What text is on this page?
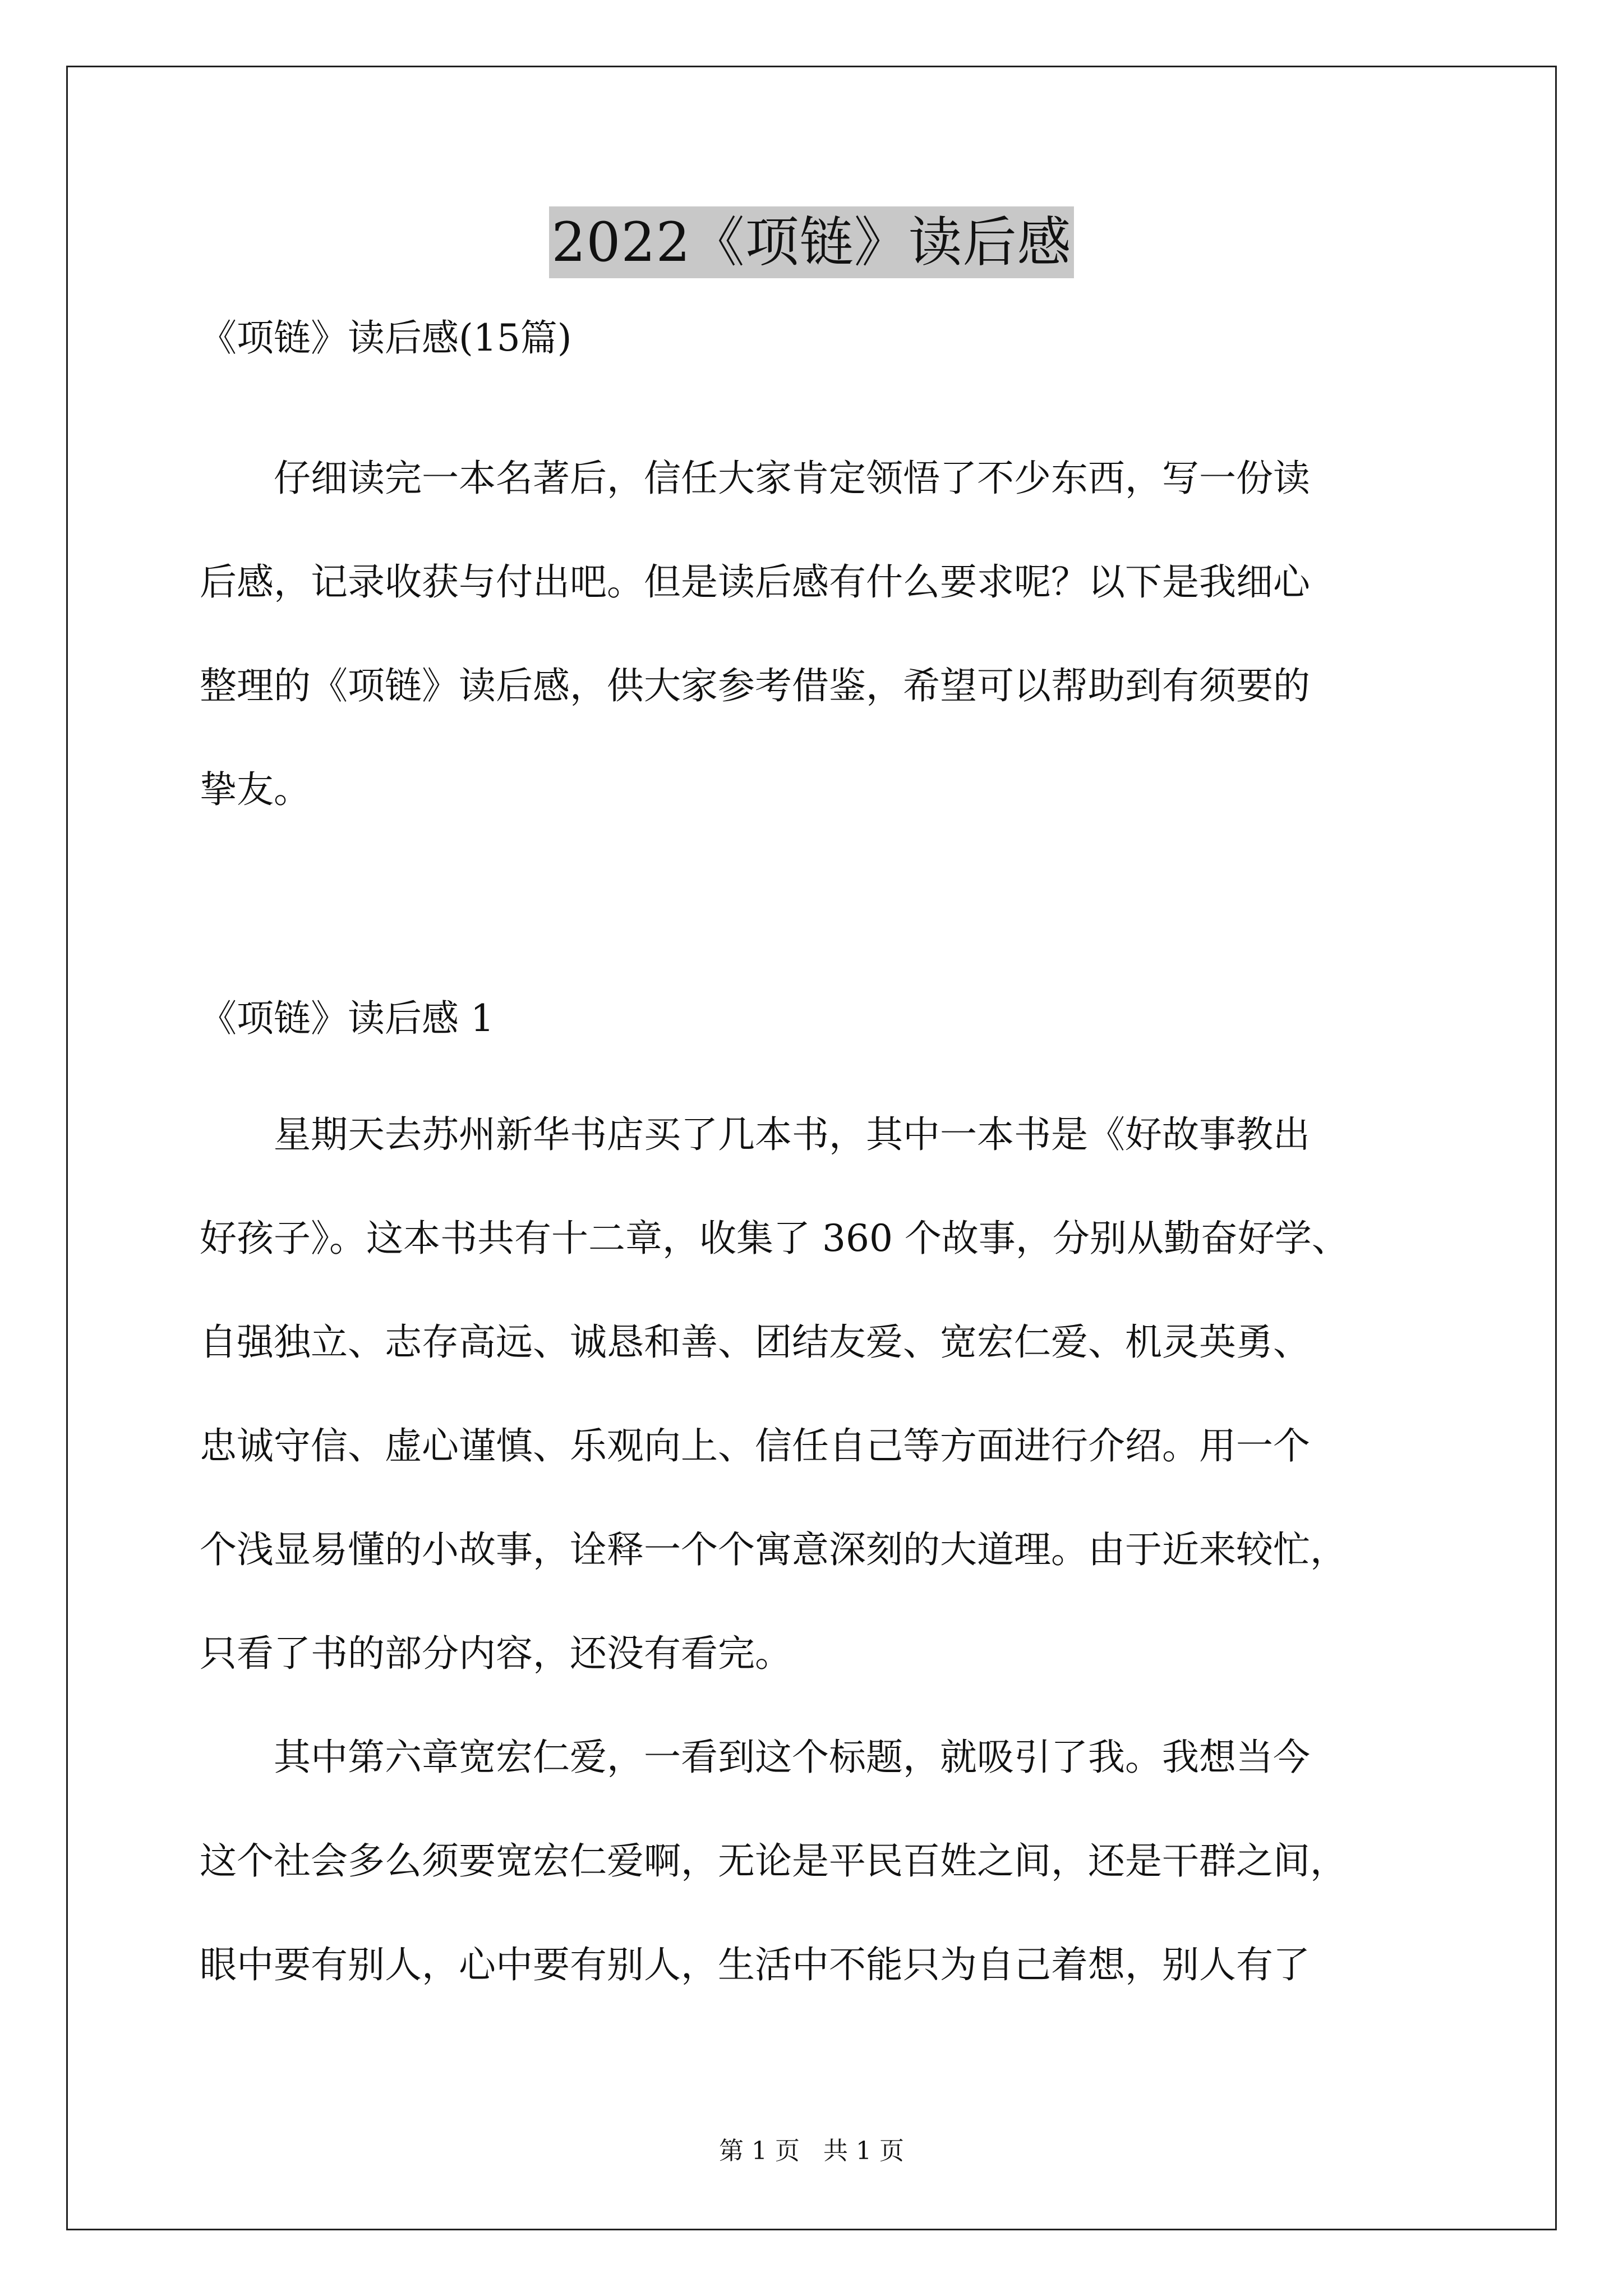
2022《项链》读后感
《项链》读后感(15篇)
　　仔细读完一本名著后，信任大家肯定领悟了不少东西，写一份读
后感，记录收获与付出吧。但是读后感有什么要求呢？以下是我细心
整理的《项链》读后感，供大家参考借鉴，希望可以帮助到有须要的
挚友。
《项链》读后感 1
　　星期天去苏州新华书店买了几本书，其中一本书是《好故事教出
好孩子》。这本书共有十二章，收集了 360 个故事，分别从勤奋好学、
自强独立、志存高远、诚恳和善、团结友爱、宽宏仁爱、机灵英勇、
忠诚守信、虚心谨慎、乐观向上、信任自己等方面进行介绍。用一个
个浅显易懂的小故事，诠释一个个寓意深刻的大道理。由于近来较忙，
只看了书的部分内容，还没有看完。
　　其中第六章宽宏仁爱，一看到这个标题，就吸引了我。我想当今
这个社会多么须要宽宏仁爱啊，无论是平民百姓之间，还是干群之间，
眼中要有别人，心中要有别人，生活中不能只为自己着想，别人有了
第 1 页   共 1 页
